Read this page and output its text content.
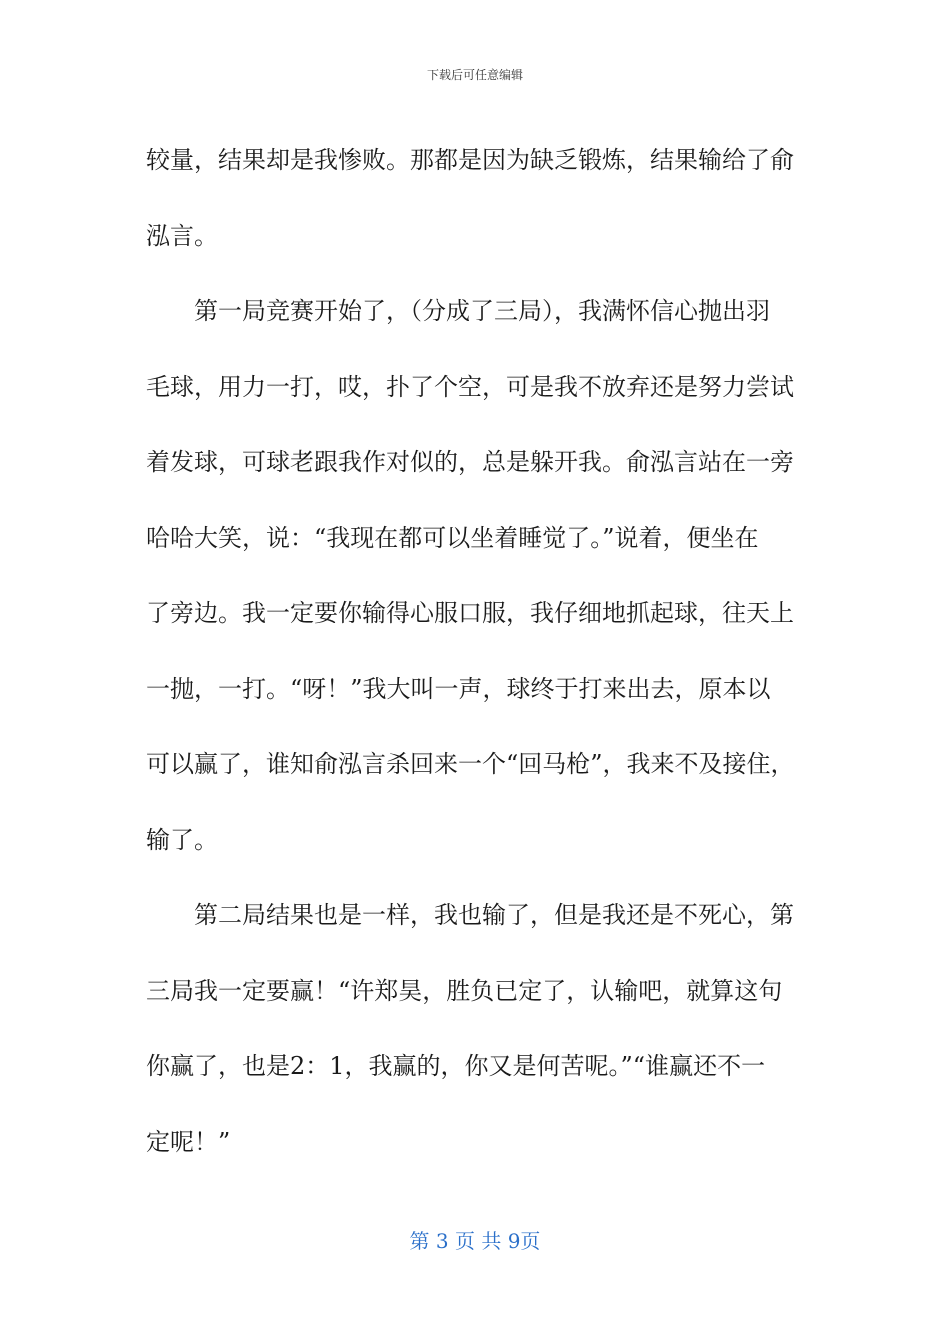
下载后可任意编辑
较量，结果却是我惨败。那都是因为缺乏锻炼，结果输给了俞
泓言。
第一局竞赛开始了，（分成了三局），我满怀信心抛出羽
毛球，用力一打，哎，扑了个空，可是我不放弃还是努力尝试
着发球，可球老跟我作对似的，总是躲开我。俞泓言站在一旁
哈哈大笑，说：“我现在都可以坐着睡觉了。”说着，便坐在
了旁边。我一定要你输得心服口服，我仔细地抓起球，往天上
一抛，一打。“呀！”我大叫一声，球终于打来出去，原本以
可以赢了，谁知俞泓言杀回来一个“回马枪”，我来不及接住，
输了。
第二局结果也是一样，我也输了，但是我还是不死心，第
三局我一定要赢！“许郑昊，胜负已定了，认输吧，就算这句
你赢了，也是2：1，我赢的，你又是何苦呢。”“谁赢还不一
定呢！”
第 3 页 共 9页
